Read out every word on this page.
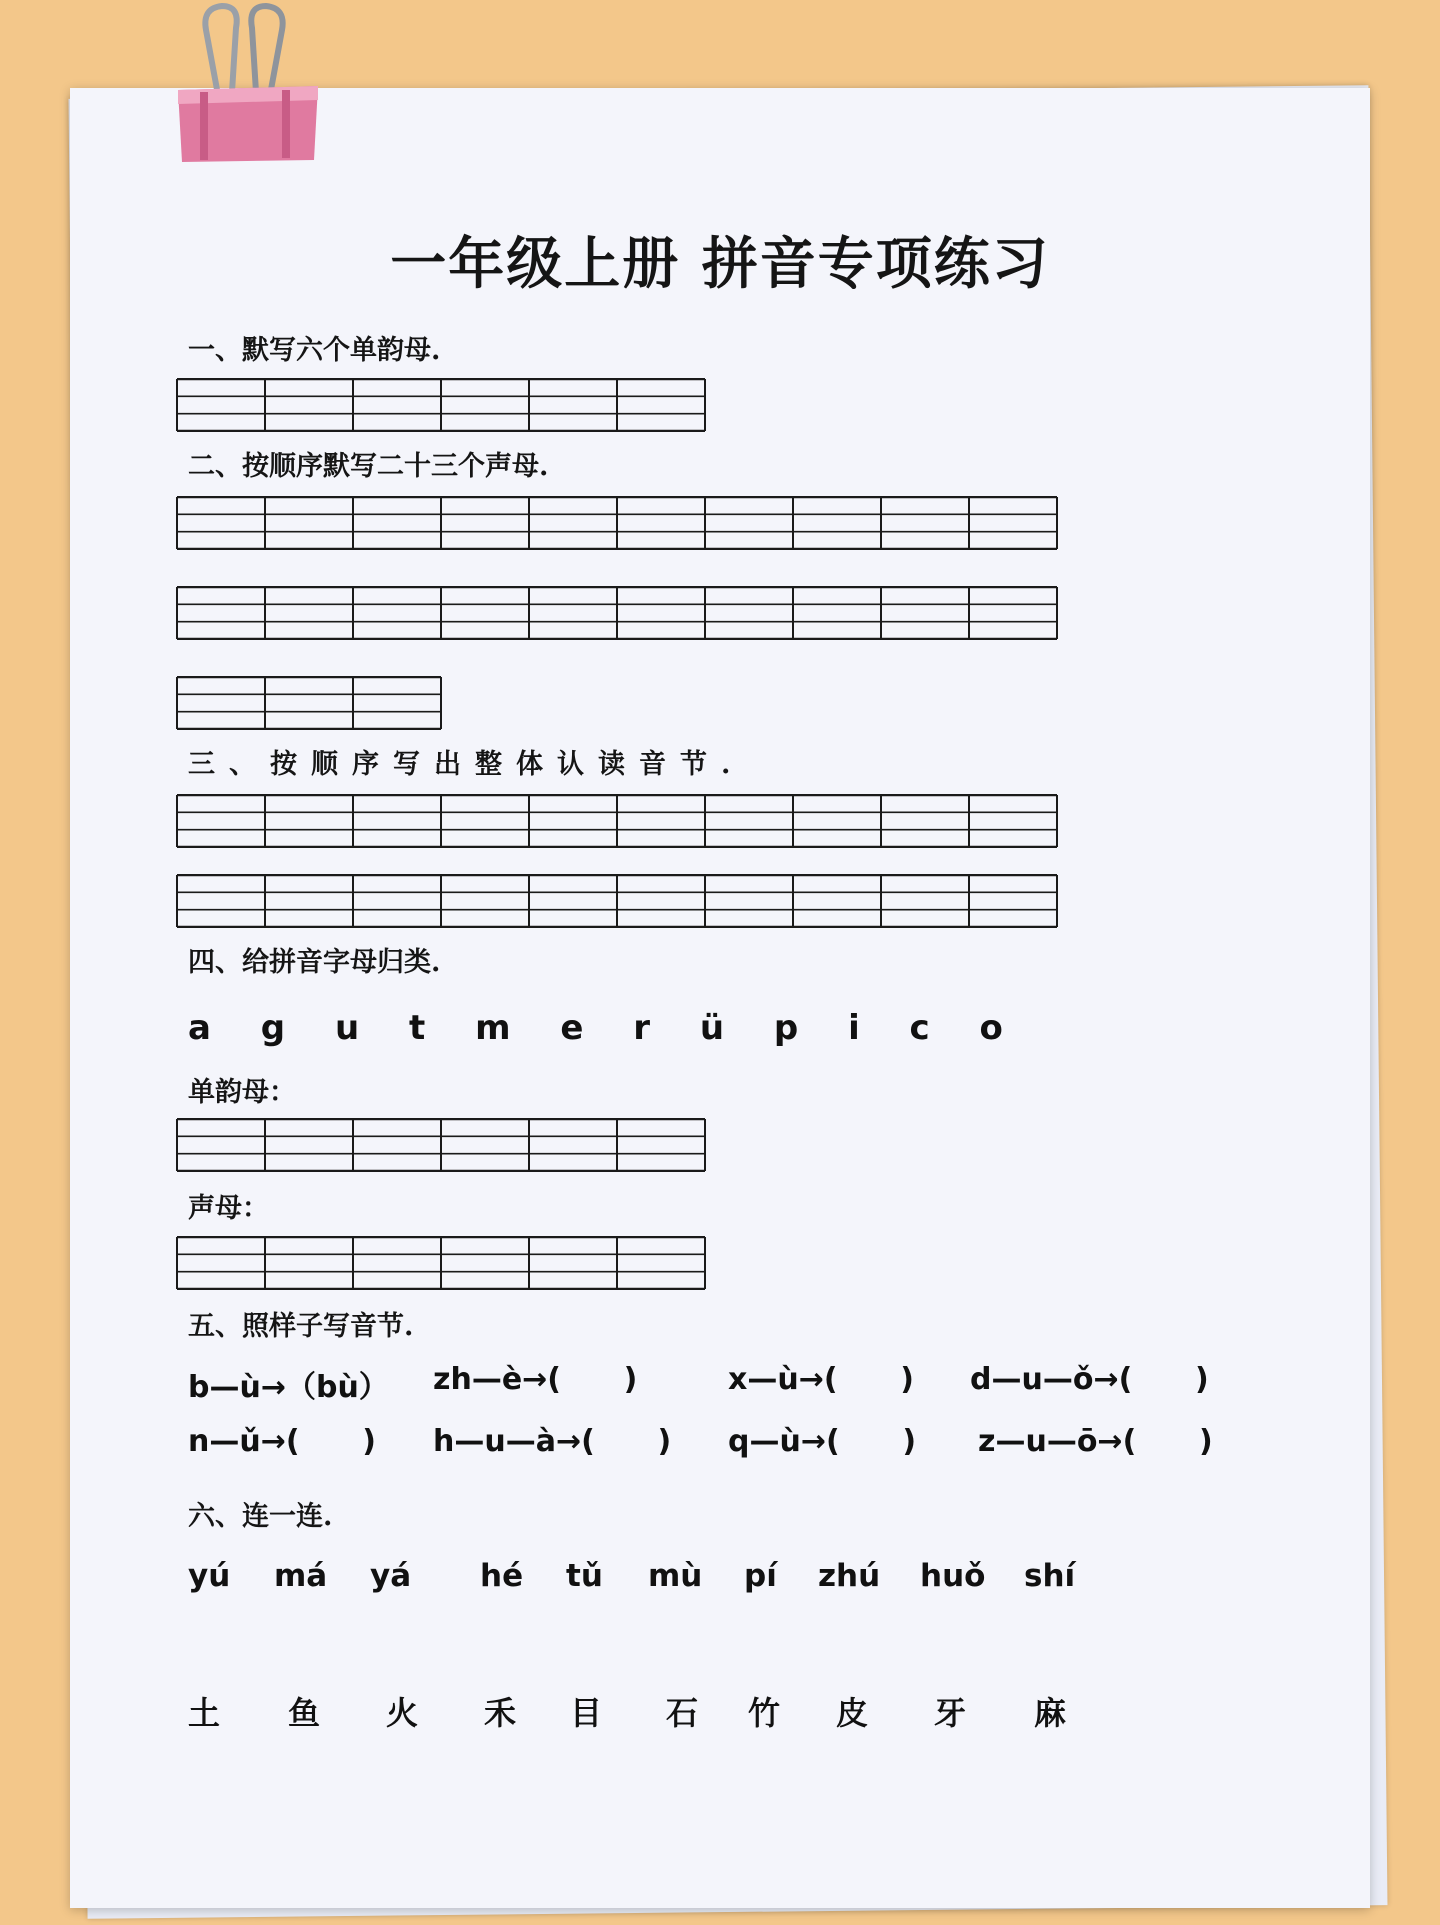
一年级上册 拼音专项练习
一、默写六个单韵母.
二、按顺序默写二十三个声母.
三、按顺序写出整体认读音节.
四、给拼音字母归类.
a g u t m e r ü p i c o
单韵母：
声母：
五、照样子写音节.
b—ù→（bù） zh—è→(      )	x—ù→(      ) d—u—ǒ→(      )
n—ǔ→(      ) h—u—à→(      ) q—ù→(      ) z—u—ō→(      )
六、连一连.
yú má yá hé tǔ mù pí zhú huǒ shí
土 鱼 火 禾 目 石 竹 皮 牙 麻
